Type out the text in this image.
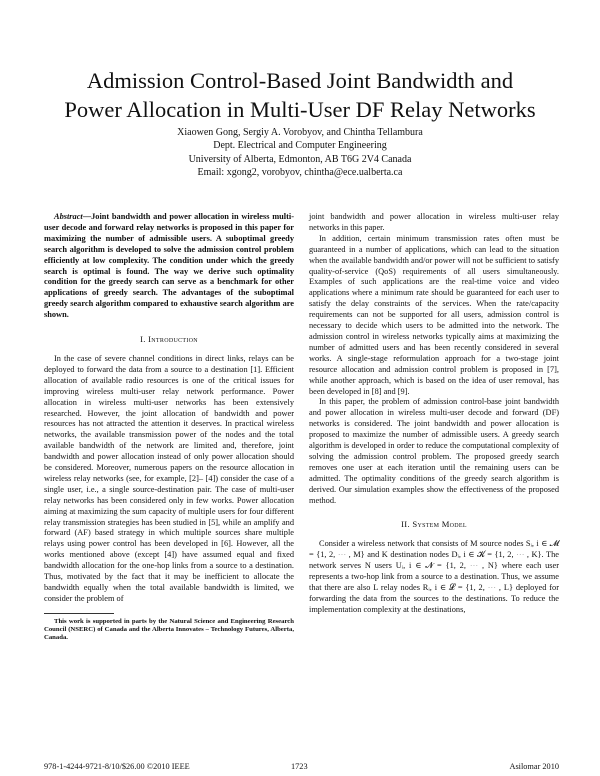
Admission Control-Based Joint Bandwidth and
Power Allocation in Multi-User DF Relay Networks
Xiaowen Gong, Sergiy A. Vorobyov, and Chintha Tellambura
Dept. Electrical and Computer Engineering
University of Alberta, Edmonton, AB T6G 2V4 Canada
Email: xgong2, vorobyov, chintha@ece.ualberta.ca

Abstract—Joint bandwidth and power allocation in wireless multi-user decode and forward relay networks is proposed in this paper for maximizing the number of admissible users. A suboptimal greedy search algorithm is developed to solve the admission control problem efficiently at low complexity. The condition under which the greedy search is optimal is found. The way we derive such optimality condition for the greedy search can serve as a benchmark for other applications of greedy search. The advantages of the suboptimal greedy search algorithm compared to exhaustive search algorithm are shown.

I. Introduction

In the case of severe channel conditions in direct links, relays can be deployed to forward the data from a source to a destination [1]. Efficient allocation of available radio resources is one of the critical issues for improving wireless multi-user relay network performance. Power allocation in wireless multi-user networks has been extensively researched. However, the joint allocation of bandwidth and power resources has not attracted the attention it deserves. In practical wireless networks, the available transmission power of the nodes and the total available bandwidth of the network are limited and, therefore, joint bandwidth and power allocation instead of only power allocation should be considered. Moreover, numerous papers on the resource allocation in wireless relay networks (see, for example, [2]– [4]) consider the case of a single user, i.e., a single source-destination pair. The case of multi-user relay networks has been considered only in few works. Power allocation aiming at maximizing the sum capacity of multiple users for four different relay transmission strategies has been studied in [5], while an amplify and forward (AF) based strategy in which multiple sources share multiple relays using power control has been developed in [6]. However, all the works mentioned above (except [4]) have assumed equal and fixed bandwidth allocation for the one-hop links from a source to a destination. Thus, motivated by the fact that it may be inefficient to allocate the bandwidth equally when the total available bandwidth is limited, we consider the problem of

This work is supported in parts by the Natural Science and Engineering Research Council (NSERC) of Canada and the Alberta Innovates – Technology Futures, Alberta, Canada.

joint bandwidth and power allocation in wireless multi-user relay networks in this paper.

In addition, certain minimum transmission rates often must be guaranteed in a number of applications, which can lead to the situation when the available bandwidth and/or power will not be sufficient to satisfy quality-of-service (QoS) requirements of all users simultaneously. Examples of such applications are the real-time voice and video applications where a minimum rate should be guaranteed for each user to satisfy the delay constraints of the services. When the rate/capacity requirements can not be supported for all users, admission control is necessary to decide which users to be admitted into the network. The admission control in wireless networks typically aims at maximizing the number of admitted users and has been recently considered in several works. A single-stage reformulation approach for a two-stage joint resource allocation and admission control problem is proposed in [7], while another approach, which is based on the idea of user removal, has been developed in [8] and [9].

In this paper, the problem of admission control-base joint bandwidth and power allocation in wireless multi-user decode and forward (DF) networks is considered. The joint bandwidth and power allocation is proposed to maximize the number of admissible users. A greedy search algorithm is developed in order to reduce the computational complexity of solving the admission control problem. The proposed greedy search removes one user at each iteration until the remaining users can be admitted. The optimality conditions of the greedy search algorithm is derived. Our simulation examples show the effectiveness of the proposed method.

II. System Model

Consider a wireless network that consists of M source nodes Sᵢ, i ∈ 𝓜 = {1, 2, ⋯ , M} and K destination nodes Dᵢ, i ∈ 𝓚 = {1, 2, ⋯ , K}. The network serves N users Uᵢ, i ∈ 𝓝 = {1, 2, ⋯ , N} where each user represents a two-hop link from a source to a destination. Thus, we assume that there are also L relay nodes Rᵢ, i ∈ 𝓛 = {1, 2, ⋯ , L} deployed for forwarding the data from the sources to the destinations. To reduce the implementation complexity at the destinations,

978-1-4244-9721-8/10/$26.00 ©2010 IEEE	1723	Asilomar 2010
